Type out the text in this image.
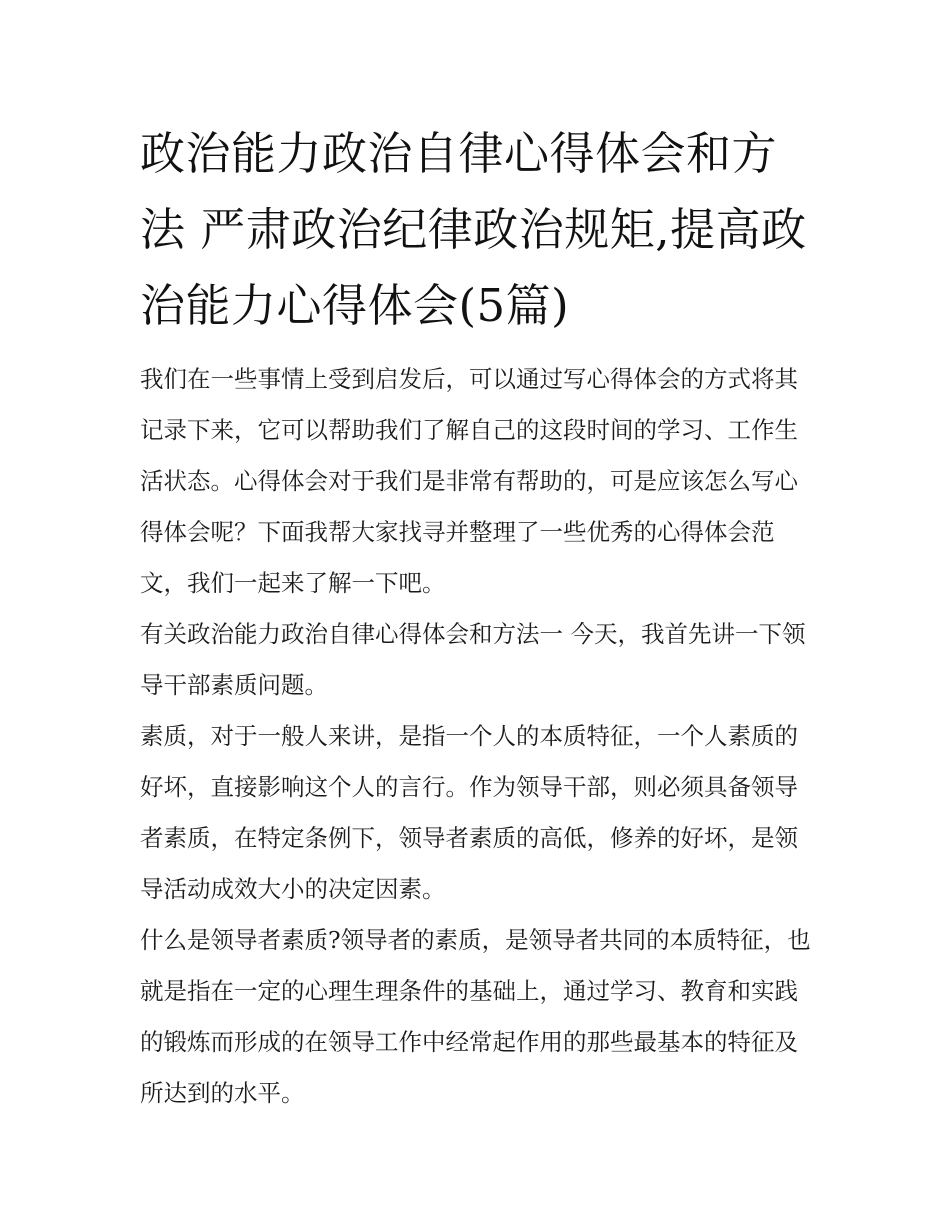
政治能力政治自律心得体会和方法 严肃政治纪律政治规矩,提高政治能力心得体会(5篇)

我们在一些事情上受到启发后，可以通过写心得体会的方式将其记录下来，它可以帮助我们了解自己的这段时间的学习、工作生活状态。心得体会对于我们是非常有帮助的，可是应该怎么写心得体会呢？下面我帮大家找寻并整理了一些优秀的心得体会范文，我们一起来了解一下吧。

有关政治能力政治自律心得体会和方法一 今天，我首先讲一下领导干部素质问题。

素质，对于一般人来讲，是指一个人的本质特征，一个人素质的好坏，直接影响这个人的言行。作为领导干部，则必须具备领导者素质，在特定条例下，领导者素质的高低，修养的好坏，是领导活动成效大小的决定因素。

什么是领导者素质?领导者的素质，是领导者共同的本质特征，也就是指在一定的心理生理条件的基础上，通过学习、教育和实践的锻炼而形成的在领导工作中经常起作用的那些最基本的特征及所达到的水平。
